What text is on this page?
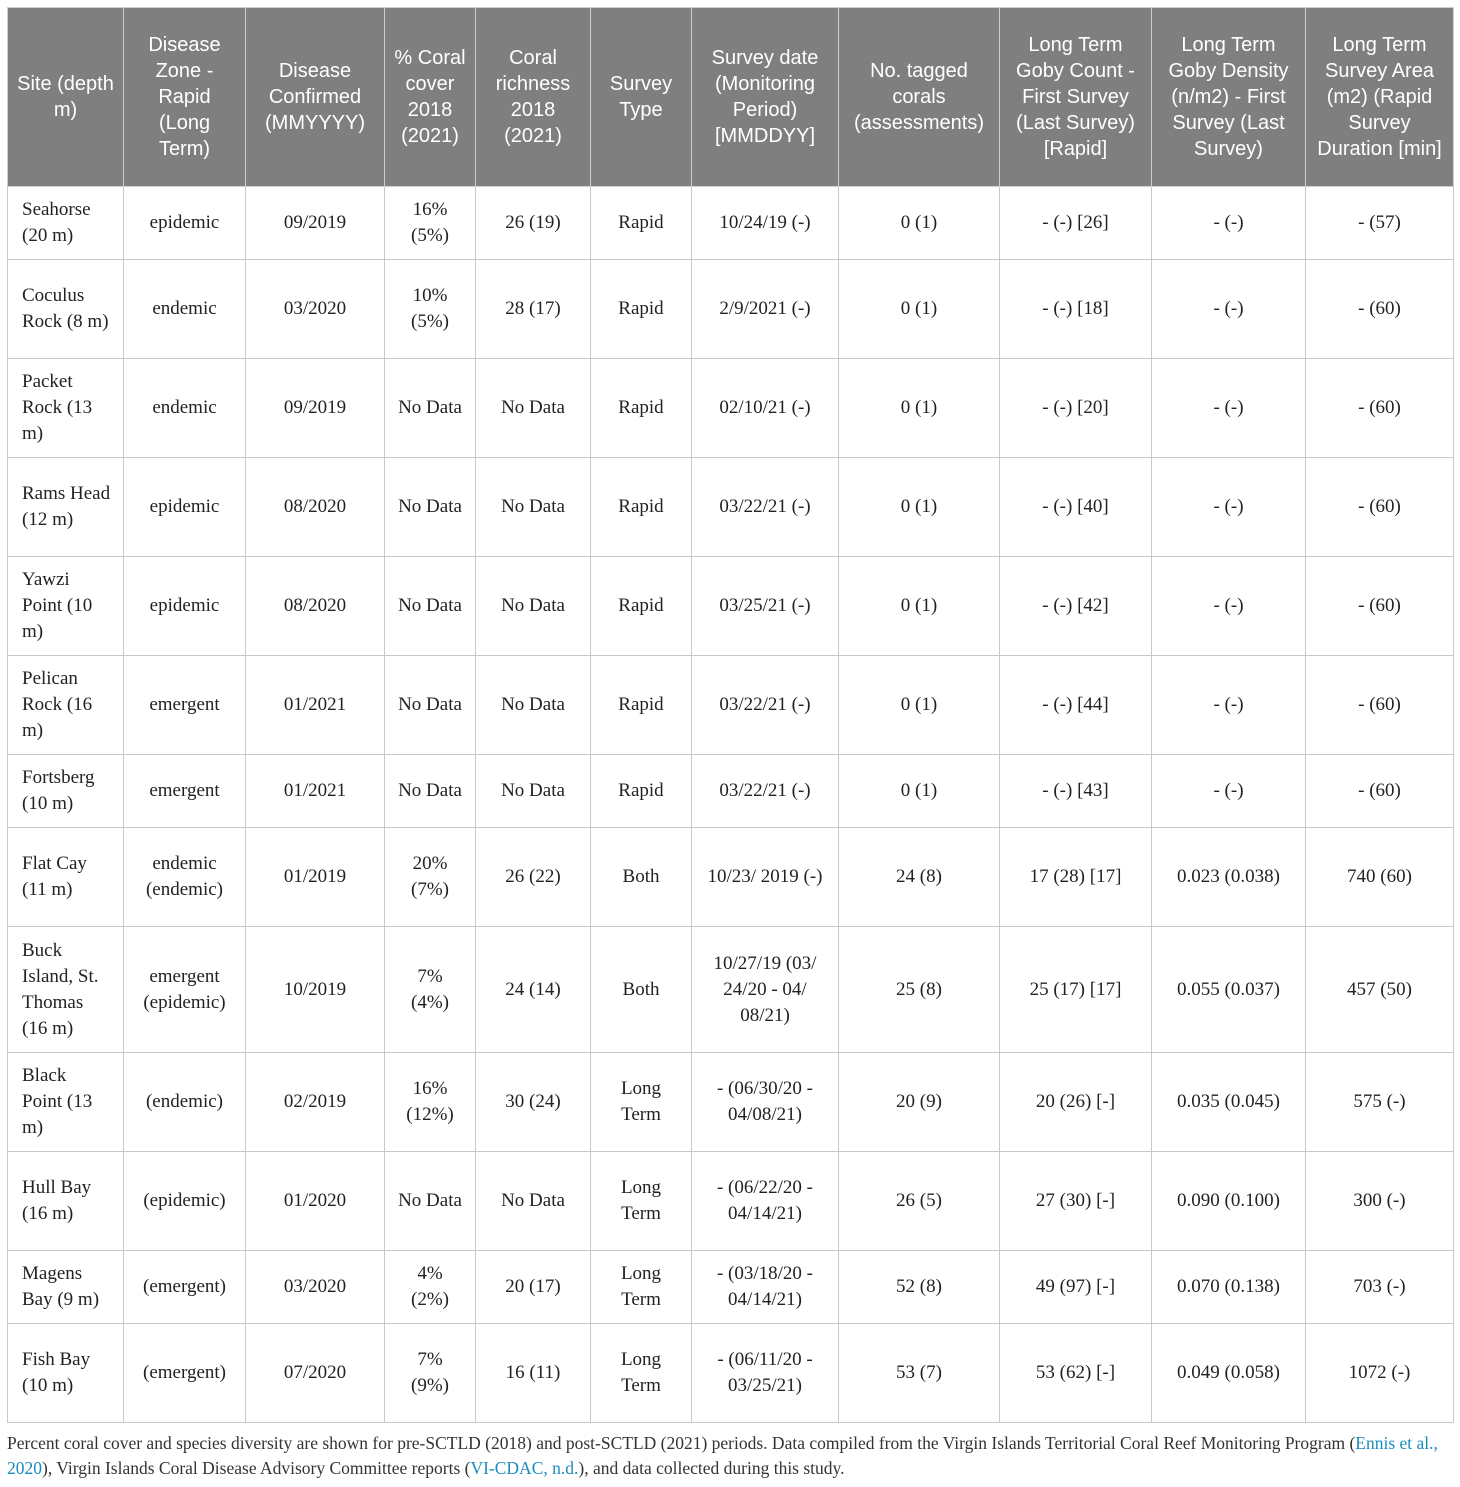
Site (depth m)	Disease Zone - Rapid (Long Term)	Disease Confirmed (MMYYYY)	% Coral cover 2018 (2021)	Coral richness 2018 (2021)	Survey Type	Survey date (Monitoring Period) [MMDDYY]	No. tagged corals (assessments)	Long Term Goby Count - First Survey (Last Survey) [Rapid]	Long Term Goby Density (n/m2) - First Survey (Last Survey)	Long Term Survey Area (m2) (Rapid Survey Duration [min]
Seahorse (20 m)	epidemic	09/2019	16% (5%)	26 (19)	Rapid	10/24/19 (-)	0 (1)	- (-) [26]	- (-)	- (57)
Coculus Rock (8 m)	endemic	03/2020	10% (5%)	28 (17)	Rapid	2/9/2021 (-)	0 (1)	- (-) [18]	- (-)	- (60)
Packet Rock (13 m)	endemic	09/2019	No Data	No Data	Rapid	02/10/21 (-)	0 (1)	- (-) [20]	- (-)	- (60)
Rams Head (12 m)	epidemic	08/2020	No Data	No Data	Rapid	03/22/21 (-)	0 (1)	- (-) [40]	- (-)	- (60)
Yawzi Point (10 m)	epidemic	08/2020	No Data	No Data	Rapid	03/25/21 (-)	0 (1)	- (-) [42]	- (-)	- (60)
Pelican Rock (16 m)	emergent	01/2021	No Data	No Data	Rapid	03/22/21 (-)	0 (1)	- (-) [44]	- (-)	- (60)
Fortsberg (10 m)	emergent	01/2021	No Data	No Data	Rapid	03/22/21 (-)	0 (1)	- (-) [43]	- (-)	- (60)
Flat Cay (11 m)	endemic (endemic)	01/2019	20% (7%)	26 (22)	Both	10/23/ 2019 (-)	24 (8)	17 (28) [17]	0.023 (0.038)	740 (60)
Buck Island, St. Thomas (16 m)	emergent (epidemic)	10/2019	7% (4%)	24 (14)	Both	10/27/19 (03/ 24/20 - 04/ 08/21)	25 (8)	25 (17) [17]	0.055 (0.037)	457 (50)
Black Point (13 m)	(endemic)	02/2019	16% (12%)	30 (24)	Long Term	- (06/30/20 - 04/08/21)	20 (9)	20 (26) [-]	0.035 (0.045)	575 (-)
Hull Bay (16 m)	(epidemic)	01/2020	No Data	No Data	Long Term	- (06/22/20 - 04/14/21)	26 (5)	27 (30) [-]	0.090 (0.100)	300 (-)
Magens Bay (9 m)	(emergent)	03/2020	4% (2%)	20 (17)	Long Term	- (03/18/20 - 04/14/21)	52 (8)	49 (97) [-]	0.070 (0.138)	703 (-)
Fish Bay (10 m)	(emergent)	07/2020	7% (9%)	16 (11)	Long Term	- (06/11/20 - 03/25/21)	53 (7)	53 (62) [-]	0.049 (0.058)	1072 (-)
Percent coral cover and species diversity are shown for pre-SCTLD (2018) and post-SCTLD (2021) periods. Data compiled from the Virgin Islands Territorial Coral Reef Monitoring Program (Ennis et al., 2020), Virgin Islands Coral Disease Advisory Committee reports (VI-CDAC, n.d.), and data collected during this study.
